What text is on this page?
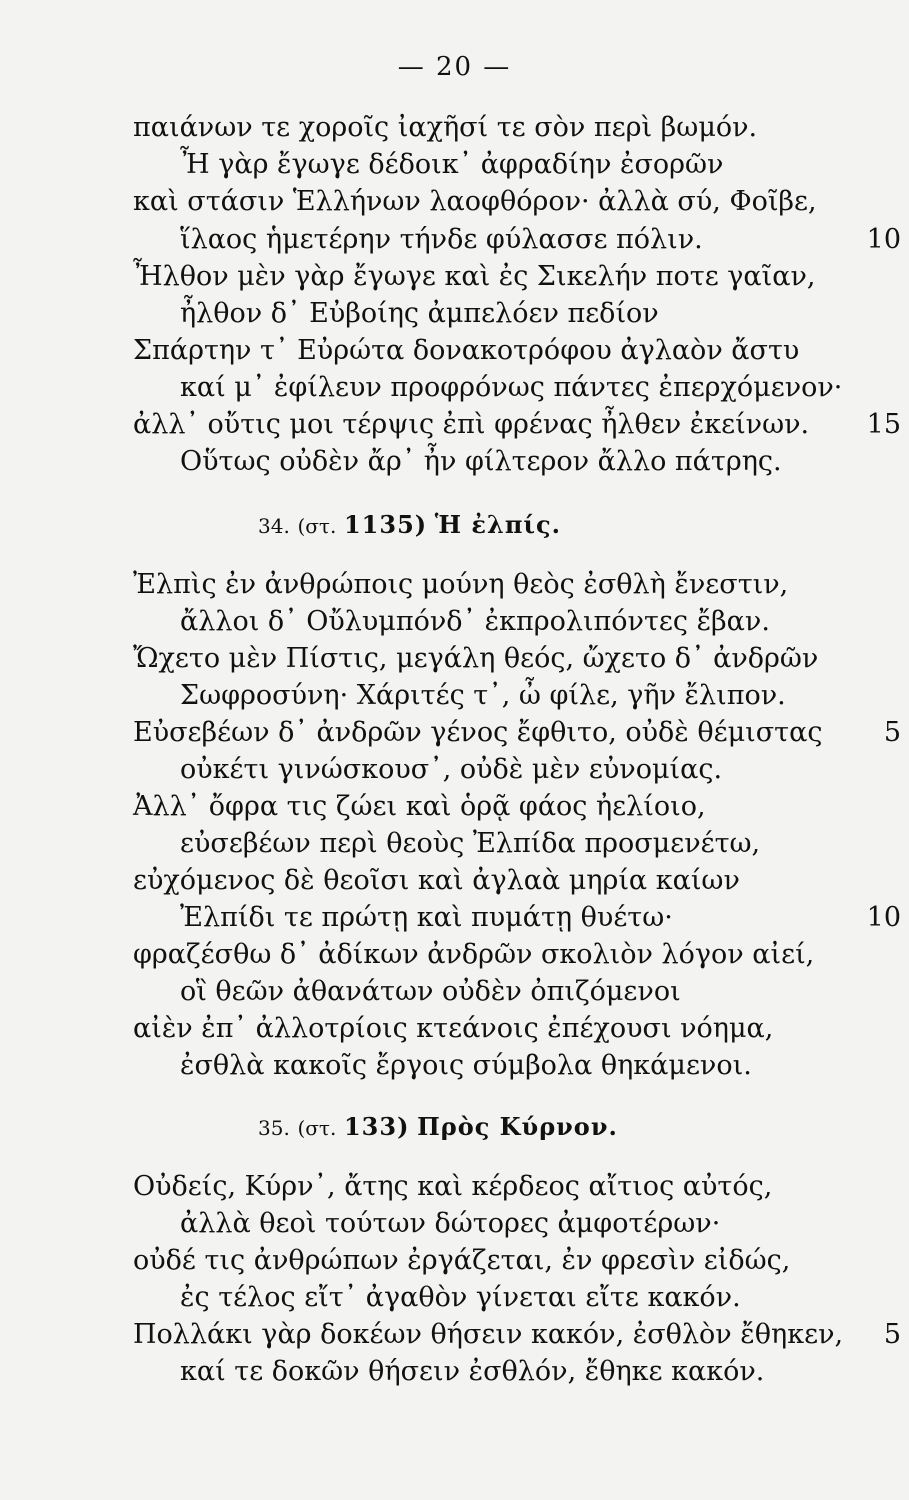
— 20 —
παιάνων τε χοροῖς ἰαχῆσί τε σὸν περὶ βωμόν.
Ἦ γὰρ ἔγωγε δέδοικ᾽ ἀφραδίην ἐσορῶν
καὶ στάσιν Ἑλλήνων λαοφθόρον· ἀλλὰ σύ, Φοῖβε,
ἵλαος ἡμετέρην τήνδε φύλασσε πόλιν.	10
Ἦλθον μὲν γὰρ ἔγωγε καὶ ἐς Σικελήν ποτε γαῖαν,
ἦλθον δ᾽ Εὐβοίης ἀμπελόεν πεδίον
Σπάρτην τ᾽ Εὐρώτα δονακοτρόφου ἀγλαὸν ἄστυ
καί μ᾽ ἐφίλευν προφρόνως πάντες ἐπερχόμενον·
ἀλλ᾽ οὔτις μοι τέρψις ἐπὶ φρένας ἦλθεν ἐκείνων. 15
Οὕτως οὐδὲν ἄρ᾽ ἦν φίλτερον ἄλλο πάτρης.
34. (στ. 1135) Ἡ ἐλπίς.
Ἐλπὶς ἐν ἀνθρώποις μούνη θεὸς ἐσθλὴ ἔνεστιν,
ἄλλοι δ᾽ Οὔλυμπόνδ᾽ ἐκπρολιπόντες ἔβαν.
Ὤχετο μὲν Πίστις, μεγάλη θεός, ὤχετο δ᾽ ἀνδρῶν
Σωφροσύνη· Χάριτές τ᾽, ὦ φίλε, γῆν ἔλιπον.
Εὐσεβέων δ᾽ ἀνδρῶν γένος ἔφθιτο, οὐδὲ θέμιστας 5
οὐκέτι γινώσκουσ᾽, οὐδὲ μὲν εὐνομίας.
Ἀλλ᾽ ὄφρα τις ζώει καὶ ὁρᾷ φάος ἠελίοιο,
εὐσεβέων περὶ θεοὺς Ἐλπίδα προσμενέτω,
εὐχόμενος δὲ θεοῖσι καὶ ἀγλαὰ μηρία καίων
Ἐλπίδι τε πρώτῃ καὶ πυμάτῃ θυέτω·	10
φραζέσθω δ᾽ ἀδίκων ἀνδρῶν σκολιὸν λόγον αἰεί,
οἳ θεῶν ἀθανάτων οὐδὲν ὀπιζόμενοι
αἰὲν ἐπ᾽ ἀλλοτρίοις κτεάνοις ἐπέχουσι νόημα,
ἐσθλὰ κακοῖς ἔργοις σύμβολα θηκάμενοι.
35. (στ. 133) Πρὸς Κύρνον.
Οὐδείς, Κύρν᾽, ἄτης καὶ κέρδεος αἴτιος αὐτός,
ἀλλὰ θεοὶ τούτων δώτορες ἀμφοτέρων·
οὐδέ τις ἀνθρώπων ἐργάζεται, ἐν φρεσὶν εἰδώς,
ἐς τέλος εἴτ᾽ ἀγαθὸν γίνεται εἴτε κακόν.
Πολλάκι γὰρ δοκέων θήσειν κακόν, ἐσθλὸν ἔθηκεν, 5
καί τε δοκῶν θήσειν ἐσθλόν, ἔθηκε κακόν.
